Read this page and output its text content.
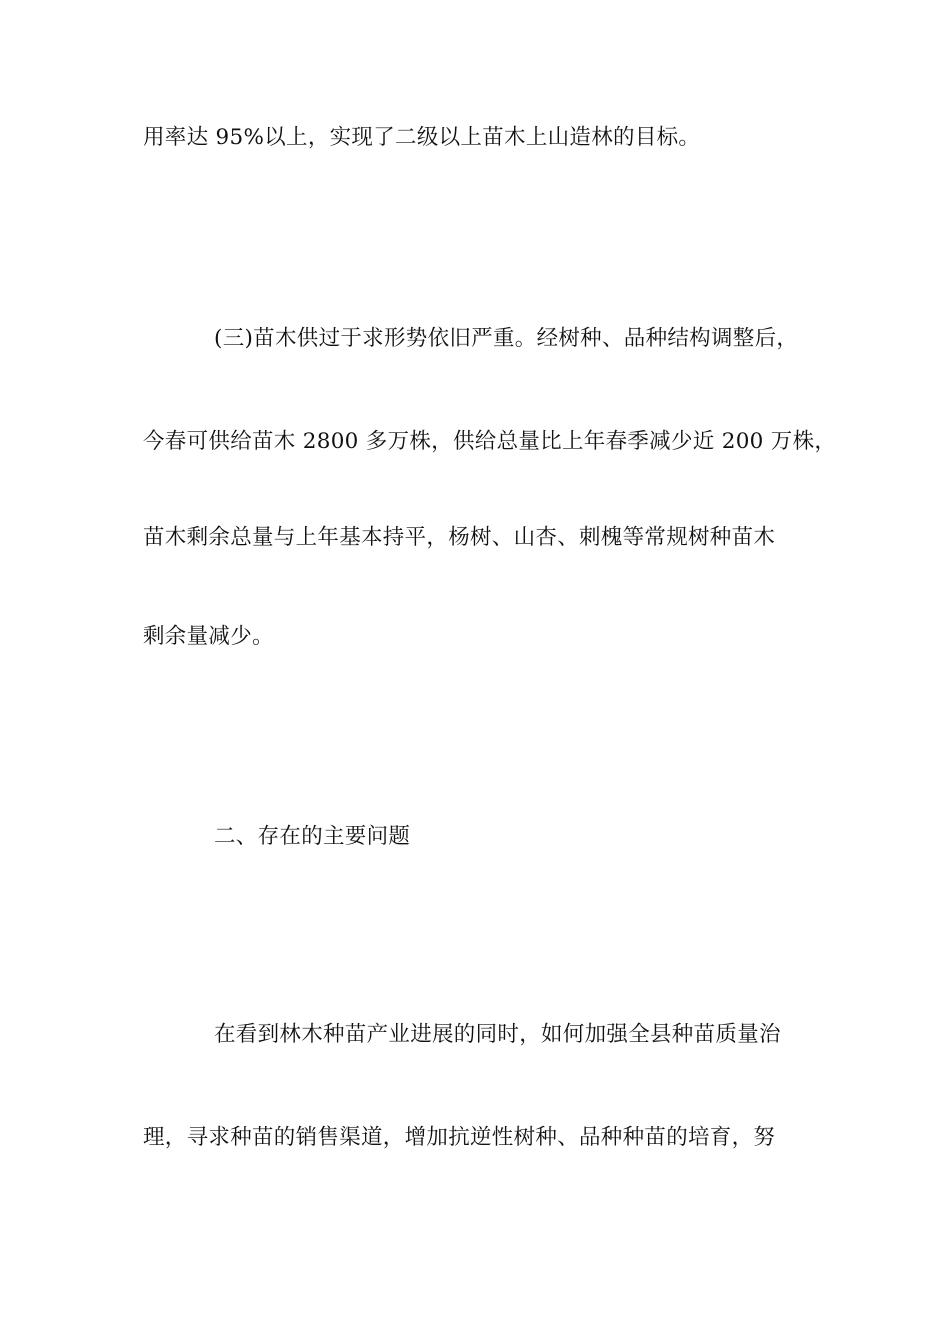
用率达 95%以上，实现了二级以上苗木上山造林的目标。
(三)苗木供过于求形势依旧严重。经树种、品种结构调整后，
今春可供给苗木 2800 多万株，供给总量比上年春季减少近 200 万株，
苗木剩余总量与上年基本持平，杨树、山杏、刺槐等常规树种苗木
剩余量减少。
二、存在的主要问题
在看到林木种苗产业进展的同时，如何加强全县种苗质量治
理，寻求种苗的销售渠道，增加抗逆性树种、品种种苗的培育，努
